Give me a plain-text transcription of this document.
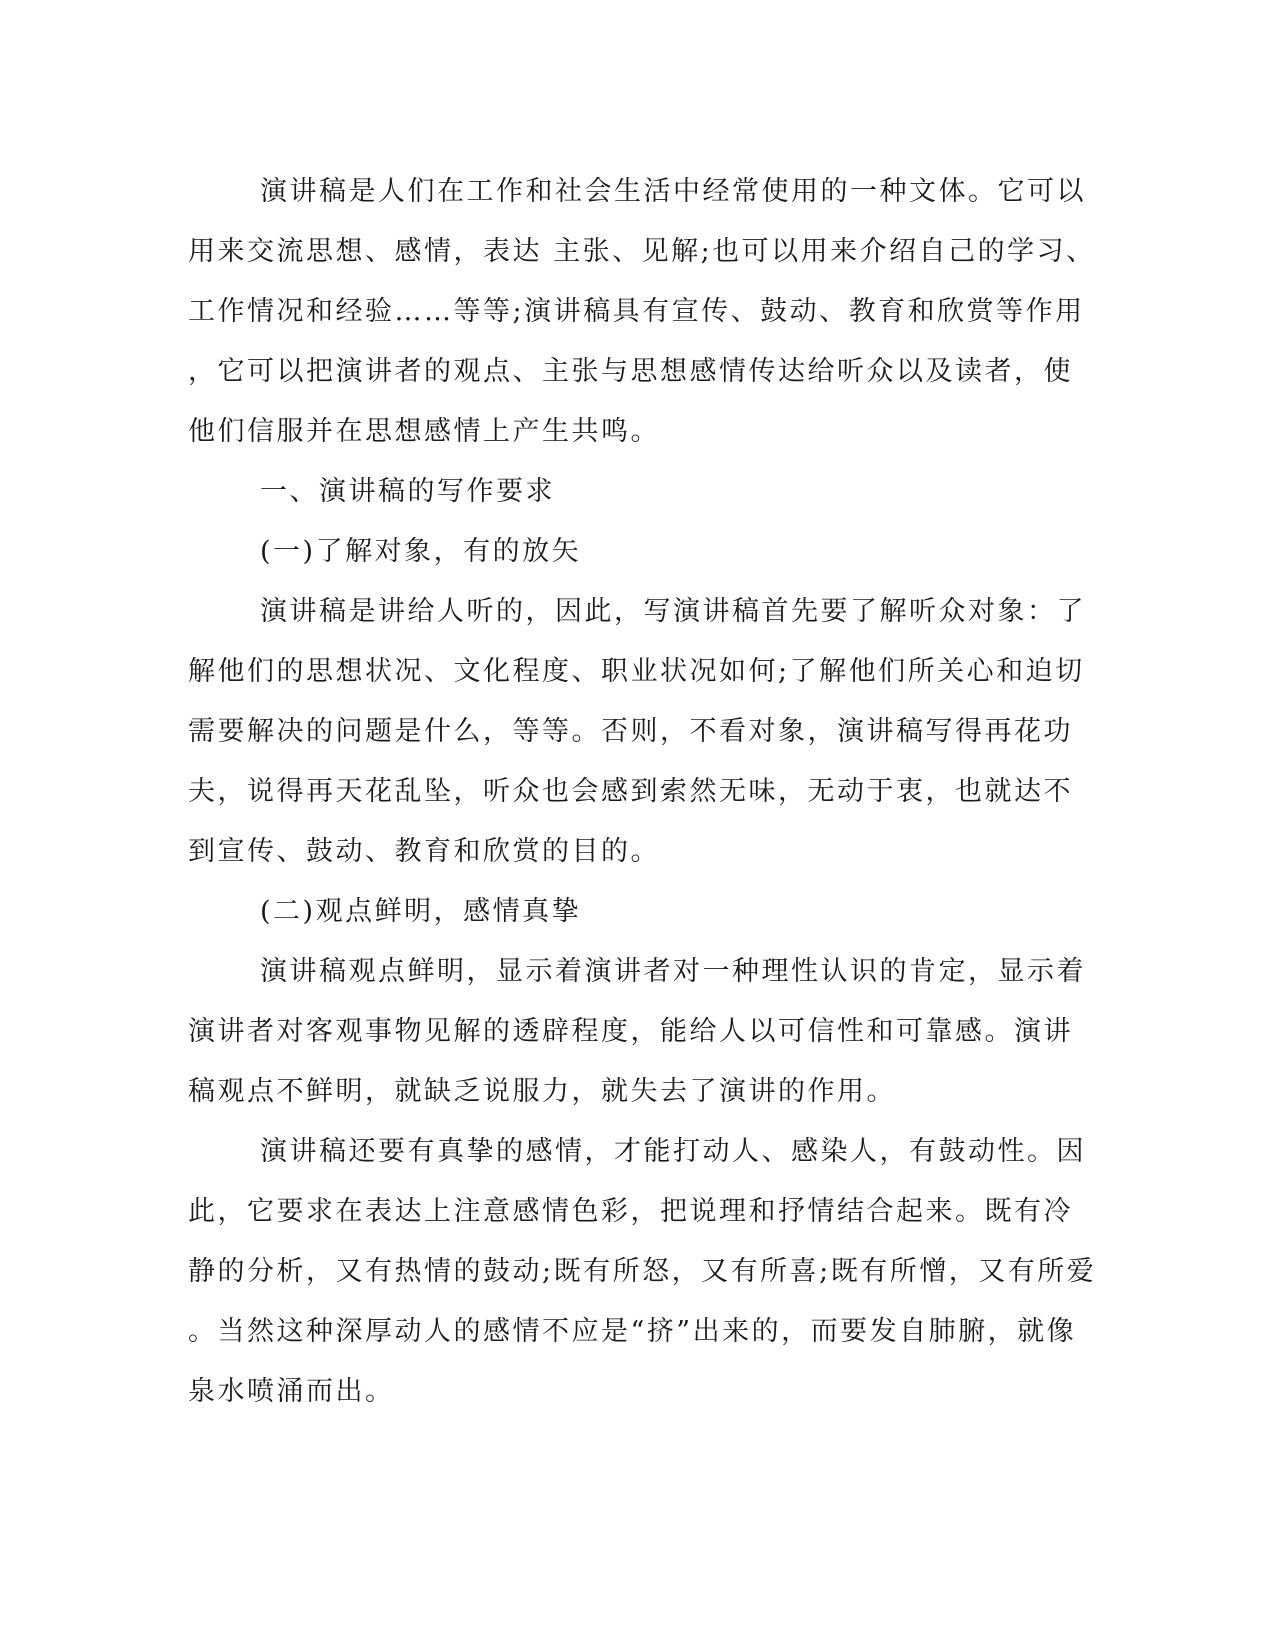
演讲稿是人们在工作和社会生活中经常使用的一种文体。它可以
用来交流思想、感情，表达 主张、见解;也可以用来介绍自己的学习、
工作情况和经验……等等;演讲稿具有宣传、鼓动、教育和欣赏等作用
，它可以把演讲者的观点、主张与思想感情传达给听众以及读者，使
他们信服并在思想感情上产生共鸣。
一、演讲稿的写作要求
(一)了解对象，有的放矢
演讲稿是讲给人听的，因此，写演讲稿首先要了解听众对象：了
解他们的思想状况、文化程度、职业状况如何;了解他们所关心和迫切
需要解决的问题是什么，等等。否则，不看对象，演讲稿写得再花功
夫，说得再天花乱坠，听众也会感到索然无味，无动于衷，也就达不
到宣传、鼓动、教育和欣赏的目的。
(二)观点鲜明，感情真挚
演讲稿观点鲜明，显示着演讲者对一种理性认识的肯定，显示着
演讲者对客观事物见解的透辟程度，能给人以可信性和可靠感。演讲
稿观点不鲜明，就缺乏说服力，就失去了演讲的作用。
演讲稿还要有真挚的感情，才能打动人、感染人，有鼓动性。因
此，它要求在表达上注意感情色彩，把说理和抒情结合起来。既有冷
静的分析，又有热情的鼓动;既有所怒，又有所喜;既有所憎，又有所爱
。当然这种深厚动人的感情不应是“挤”出来的，而要发自肺腑，就像
泉水喷涌而出。
